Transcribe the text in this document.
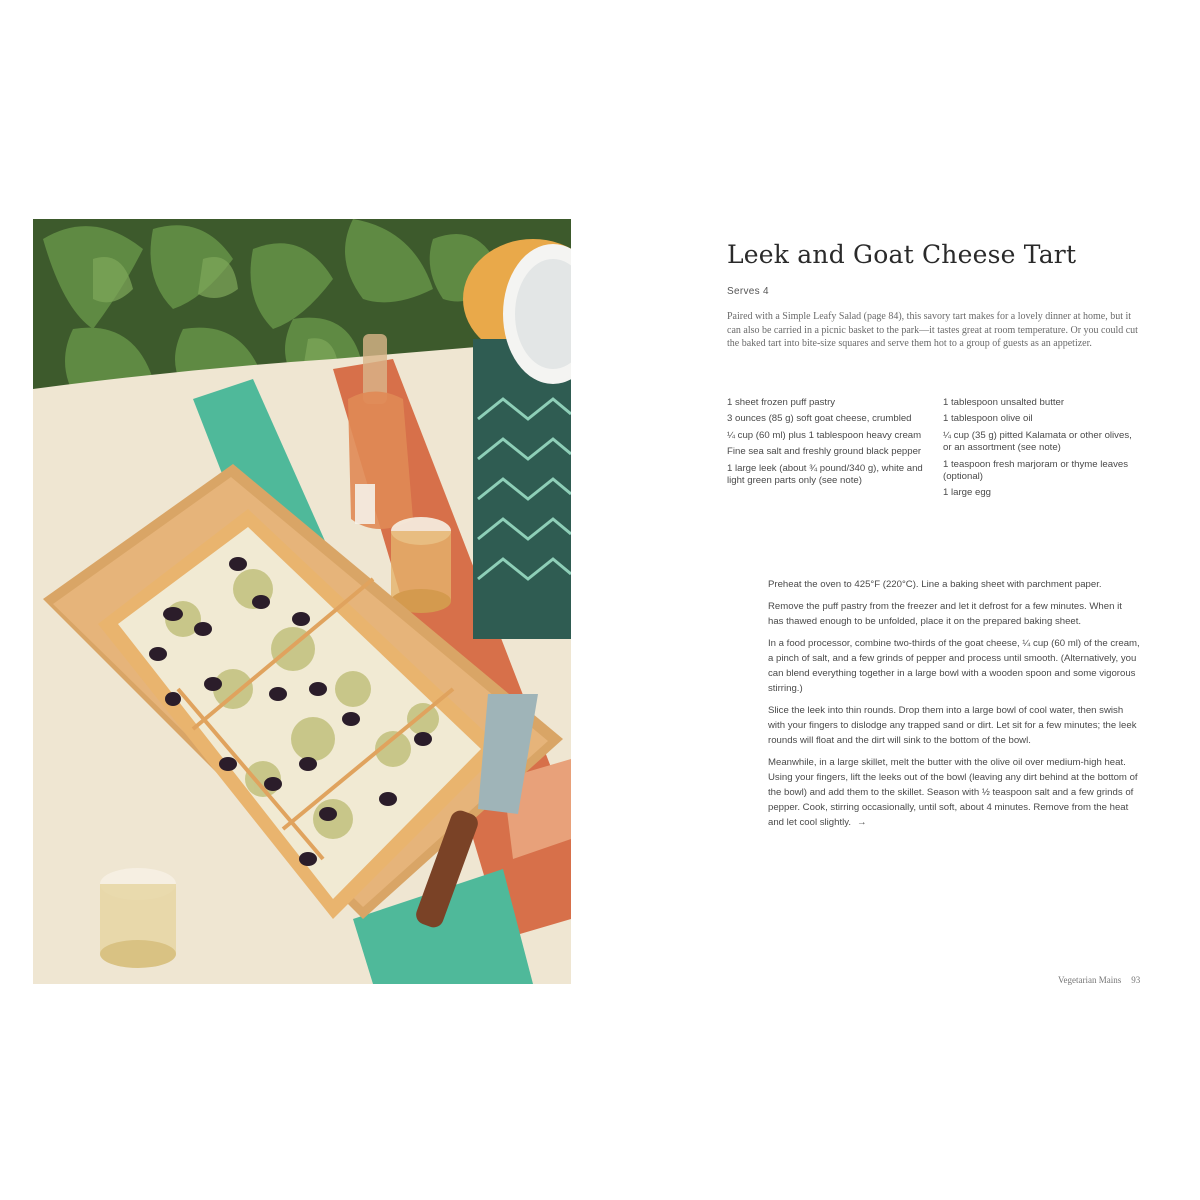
Leek and Goat Cheese Tart
Serves 4

Paired with a Simple Leafy Salad (page 84), this savory tart makes for a lovely dinner at home, but it can also be carried in a picnic basket to the park—it tastes great at room temperature. Or you could cut the baked tart into bite-size squares and serve them hot to a group of guests as an appetizer.

1 sheet frozen puff pastry
3 ounces (85 g) soft goat cheese, crumbled
¼ cup (60 ml) plus 1 tablespoon heavy cream
Fine sea salt and freshly ground black pepper
1 large leek (about ¾ pound/340 g), white and light green parts only (see note)
1 tablespoon unsalted butter
1 tablespoon olive oil
¼ cup (35 g) pitted Kalamata or other olives, or an assortment (see note)
1 teaspoon fresh marjoram or thyme leaves (optional)
1 large egg

Preheat the oven to 425°F (220°C). Line a baking sheet with parchment paper.

Remove the puff pastry from the freezer and let it defrost for a few minutes. When it has thawed enough to be unfolded, place it on the prepared baking sheet.

In a food processor, combine two-thirds of the goat cheese, ¼ cup (60 ml) of the cream, a pinch of salt, and a few grinds of pepper and process until smooth. (Alternatively, you can blend everything together in a large bowl with a wooden spoon and some vigorous stirring.)

Slice the leek into thin rounds. Drop them into a large bowl of cool water, then swish with your fingers to dislodge any trapped sand or dirt. Let sit for a few minutes; the leek rounds will float and the dirt will sink to the bottom of the bowl.

Meanwhile, in a large skillet, melt the butter with the olive oil over medium-high heat. Using your fingers, lift the leeks out of the bowl (leaving any dirt behind at the bottom of the bowl) and add them to the skillet. Season with ½ teaspoon salt and a few grinds of pepper. Cook, stirring occasionally, until soft, about 4 minutes. Remove from the heat and let cool slightly. →

Vegetarian Mains 93
